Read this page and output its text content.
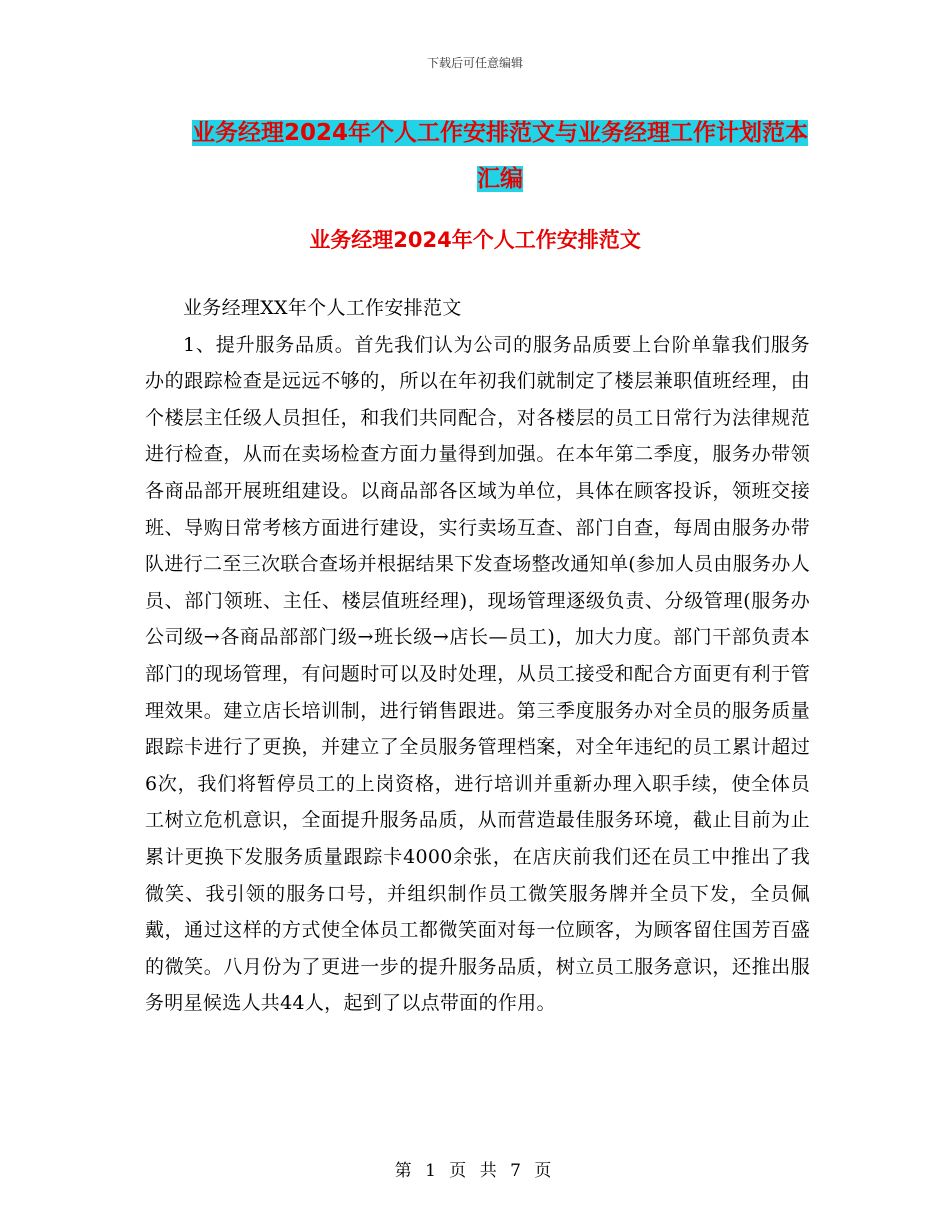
下载后可任意编辑
业务经理2024年个人工作安排范文与业务经理工作计划范本汇编
业务经理2024年个人工作安排范文

业务经理XX年个人工作安排范文

1、提升服务品质。首先我们认为公司的服务品质要上台阶单靠我们服务办的跟踪检查是远远不够的，所以在年初我们就制定了楼层兼职值班经理，由个楼层主任级人员担任，和我们共同配合，对各楼层的员工日常行为法律规范进行检查，从而在卖场检查方面力量得到加强。在本年第二季度，服务办带领各商品部开展班组建设。以商品部各区域为单位，具体在顾客投诉，领班交接班、导购日常考核方面进行建设，实行卖场互查、部门自查，每周由服务办带队进行二至三次联合查场并根据结果下发查场整改通知单(参加人员由服务办人员、部门领班、主任、楼层值班经理)，现场管理逐级负责、分级管理(服务办公司级→各商品部部门级→班长级→店长—员工)，加大力度。部门干部负责本部门的现场管理，有问题时可以及时处理，从员工接受和配合方面更有利于管理效果。建立店长培训制，进行销售跟进。第三季度服务办对全员的服务质量跟踪卡进行了更换，并建立了全员服务管理档案，对全年违纪的员工累计超过6次，我们将暂停员工的上岗资格，进行培训并重新办理入职手续，使全体员工树立危机意识，全面提升服务品质，从而营造最佳服务环境，截止目前为止累计更换下发服务质量跟踪卡4000余张，在店庆前我们还在员工中推出了我微笑、我引领的服务口号，并组织制作员工微笑服务牌并全员下发，全员佩戴，通过这样的方式使全体员工都微笑面对每一位顾客，为顾客留住国芳百盛的微笑。八月份为了更进一步的提升服务品质，树立员工服务意识，还推出服务明星候选人共44人，起到了以点带面的作用。

第 1 页 共 7 页
